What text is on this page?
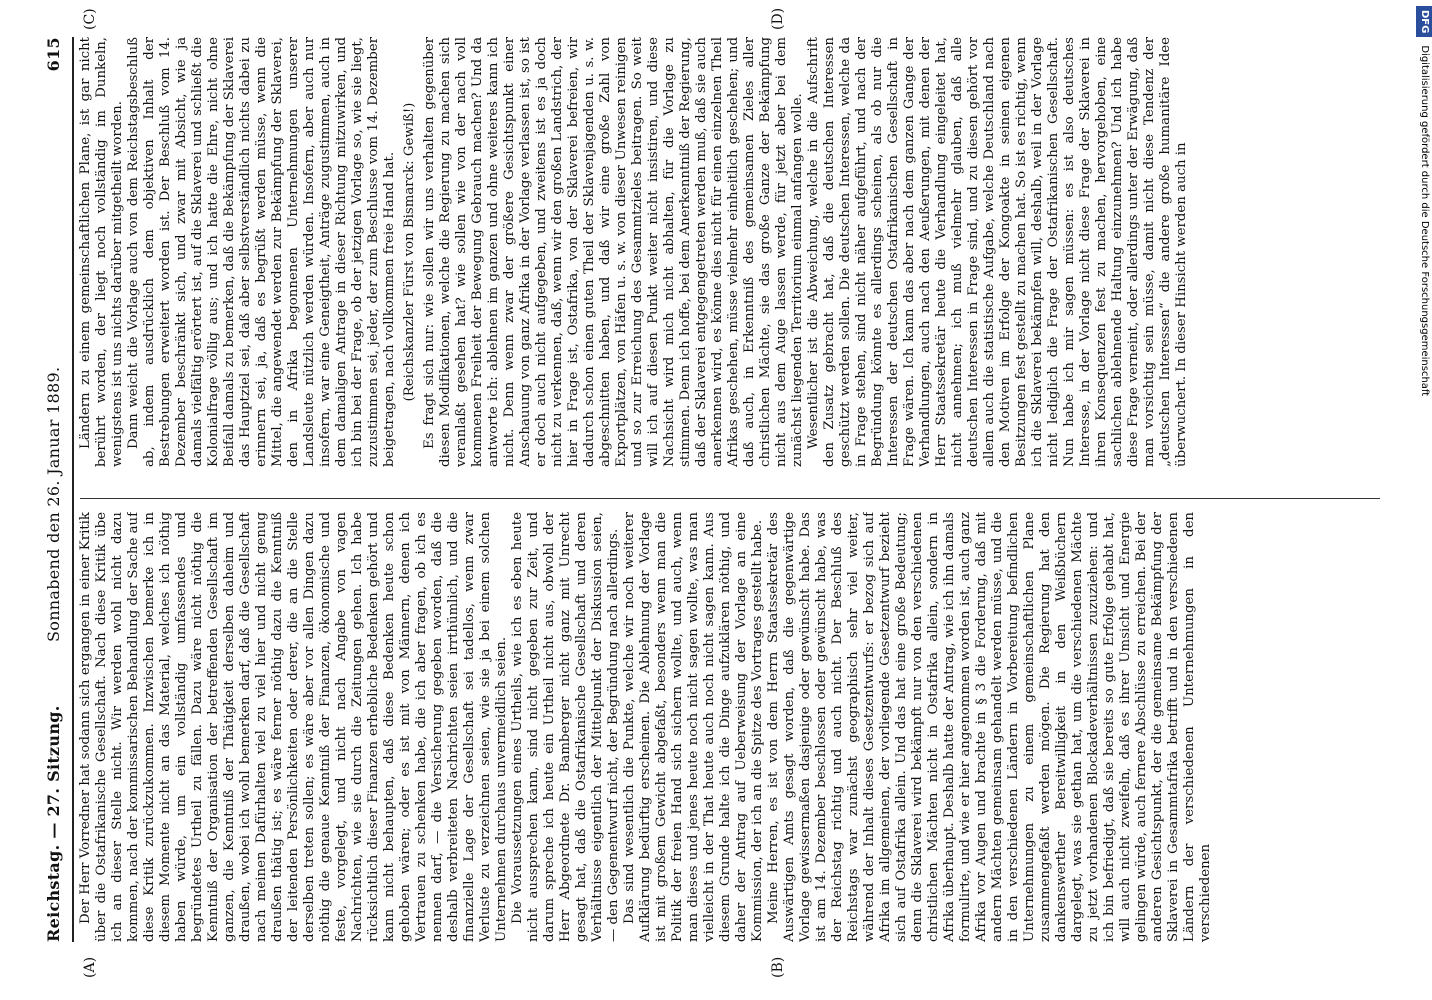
Reichstag. — 27. Sitzung.
Sonnabend den 26. Januar 1889.
615
(A)	(B)
(C)	(D)

Der Herr Vorredner hat sodann sich ergangen in einer Kritik über die Ostafrikanische Gesellschaft. Nach diese Kritik übe ich an dieser Stelle nicht. Wir werden wohl nicht dazu kommen, nach der kommissarischen Behandlung der Sache auf diese Kritik zurückzukommen. Inzwischen bemerke ich in diesem Momente nicht an das Material, welches ich nöthig haben würde, um ein vollständig umfassendes und begründetes Urtheil zu fällen. Dazu wäre nicht nöthig die Kenntniß der Organisation der betreffenden Gesellschaft im ganzen, die Kenntniß der Thätigkeit derselben daheim und draußen, wobei ich wohl bemerken darf, daß die Gesellschaft nach meinen Dafürhalten viel zu viel hier und nicht genug draußen thätig ist; es wäre ferner nöthig dazu die Kenntniß der leitenden Persönlichkeiten oder derer, die an die Stelle derselben treten sollen; es wäre aber vor allen Dingen dazu nöthig die genaue Kenntniß der Finanzen, ökonomische und feste, vorgelegt, und nicht nach Angabe von vagen Nachrichten, wie sie durch die Zeitungen gehen. Ich habe rücksichtlich dieser Finanzen erhebliche Bedenken gehört und kann nicht behaupten, daß diese Bedenken heute schon gehoben wären; oder es ist mit von Männern, denen ich Vertrauen zu schenken habe, die ich aber fragen, ob ich es nennen darf, — die Versicherung gegeben worden, daß die deshalb verbreiteten Nachrichten seien irrthümlich, und die finanzielle Lage der Gesellschaft sei tadellos, wenn zwar Verluste zu verzeichnen seien, wie sie ja bei einem solchen Unternehmen durchaus unvermeidlich seien. Die Voraussetzungen eines Urtheils, wie ich es eben heute nicht aussprechen kann, sind nicht gegeben zur Zeit, und darum spreche ich heute ein Urtheil nicht aus, obwohl der Herr Abgeordnete Dr. Bamberger nicht ganz mit Unrecht gesagt hat, daß die Ostafrikanische Gesellschaft und deren Verhältnisse eigentlich der Mittelpunkt der Diskussion seien, — den Gegenentwurf nicht, der Begründung nach allerdings. Das sind wesentlich die Punkte, welche wir noch weiterer Aufklärung bedürftig erscheinen. Die Ablehnung der Vorlage ist mit großem Gewicht abgefaßt, besonders wenn man die Politik der freien Hand sich sichern wollte, und auch, wenn man dieses und jenes heute noch nicht sagen wollte, was man vielleicht in der That heute auch noch nicht sagen kann. Aus diesem Grunde halte ich die Dinge aufzuklären nöthig, und daher der Antrag auf Ueberweisung der Vorlage an eine Kommission, der ich an die Spitze des Vortrages gestellt habe. Meine Herren, es ist von dem Herrn Staatssekretär des Auswärtigen Amts gesagt worden, daß die gegenwärtige Vorlage gewissermaßen dasjenige oder gewünscht habe. Das ist am 14. Dezember beschlossen oder gewünscht habe, was der Reichstag richtig und auch nicht. Der Beschluß des Reichstags war zunächst geographisch sehr viel weiter, während der Inhalt dieses Gesetzentwurfs: er bezog sich auf Afrika im allgemeinen, der vorliegende Gesetzentwurf bezieht sich auf Ostafrika allein. Und das hat eine große Bedeutung; denn die Sklaverei wird bekämpft nur von den verschiedenen christlichen Mächten nicht in Ostafrika allein, sondern in Afrika überhaupt. Deshalb hatte der Antrag, wie ich ihn damals formulirte, und wie er hier angenommen worden ist, auch ganz Afrika vor Augen und brachte in § 3 die Forderung, daß mit andern Mächten gemeinsam gehandelt werden müsse, und die in den verschiedenen Ländern in Vorbereitung befindlichen Unternehmungen zu einem gemeinschaftlichen Plane zusammengefaßt werden mögen. Die Regierung hat den dankenswerther Bereitwilligkeit in den Weißbüchern dargelegt, was sie gethan hat, um die verschiedenen Mächte zu jetzt vorhandenen Blockadeverhältnissen zuzuziehen: und ich bin befriedigt, daß sie bereits so gute Erfolge gehabt hat, will auch nicht zweifeln, daß es ihrer Umsicht und Energie gelingen würde, auch fernere Abschlüsse zu erreichen. Bei der anderen Gesichtspunkt, der die gemeinsame Bekämpfung der Sklaverei in Gesammtafrika betrifft und in den verschiedenen Ländern der verschiedenen Unternehmungen in den verschiedenen

Ländern zu einem gemeinschaftlichen Plane, ist gar nicht berührt worden, der liegt noch vollständig im Dunkeln, wenigstens ist uns nichts darüber mitgetheilt worden. Dann weicht die Vorlage auch von dem Reichstagsbeschluß ab, indem ausdrücklich dem objektiven Inhalt der Bestrebungen erweitert worden ist. Der Beschluß vom 14. Dezember beschränkt sich, und zwar mit Absicht, wie ja damals vielfältig erörtert ist, auf die Sklaverei und schließt die Kolonialfrage völlig aus; und ich hatte die Ehre, nicht ohne Beifall damals zu bemerken, daß die Bekämpfung der Sklaverei das Hauptziel sei, daß aber selbstverständlich nichts dabei zu erinnern sei, ja, daß es begrüßt werden müsse, wenn die Mittel, die angewendet werden zur Bekämpfung der Sklaverei, den in Afrika begonnenen Unternehmungen unserer Landsleute nützlich werden würden. Insofern, aber auch nur insofern, war eine Geneigtheit, Anträge zugustimmen, auch in dem damaligen Antrage in dieser Richtung mitzuwirken, und ich bin bei der Frage, ob der jetzigen Vorlage so, wie sie liegt, zuzustimmen sei, jeder, der zum Beschlusse vom 14. Dezember beigetragen, nach vollkommen freie Hand hat. (Reichskanzler Fürst von Bismarck: Gewiß!) Es fragt sich nur: wie sollen wir uns verhalten gegenüber diesen Modifikationen, welche die Regierung zu machen sich veranlaßt gesehen hat? wie sollen wie von der nach voll kommenen Freiheit der Bewegung Gebrauch machen? Und da antworte ich: ablehnen im ganzen und ohne weiteres kann ich nicht. Denn wenn zwar der größere Gesichtspunkt einer Anschauung von ganz Afrika in der Vorlage verlassen ist, so ist er doch auch nicht aufgegeben, und zweitens ist es ja doch nicht zu verkennen, daß, wenn wir den großen Landstrich, der hier in Frage ist, Ostafrika, von der Sklaverei befreien, wir dadurch schon einen guten Theil der Sklavenjagenden u. s. w. abgeschnitten haben, und daß wir eine große Zahl von Exportplätzen, von Häfen u. s. w. von dieser Unwesen reinigen und so zur Erreichung des Gesammtzieles beitragen. So weit will ich auf diesen Punkt weiter nicht insistiren, und diese Nachsicht wird mich nicht abhalten, für die Vorlage zu stimmen. Denn ich hoffe, bei dem Anerkenntniß der Regierung, daß der Sklaverei entgegengetreten werden muß, daß sie auch anerkennen wird, es könne dies nicht für einen einzelnen Theil Afrikas geschehen, müsse vielmehr einheitlich geschehen; und daß auch, in Erkenntniß des gemeinsamen Zieles aller christlichen Mächte, sie das große Ganze der Bekämpfung nicht aus dem Auge lassen werde, für jetzt aber bei dem zunächst liegenden Territorium einmal anfangen wolle. Wesentlicher ist die Abweichung, welche in die Aufschrift den Zusatz gebracht hat, daß die deutschen Interessen geschützt werden sollen. Die deutschen Interessen, welche da in Frage stehen, sind nicht näher aufgeführt, und nach der Begründung könnte es allerdings scheinen, als ob nur die Interessen der deutschen Ostafrikanischen Gesellschaft in Frage wären. Ich kann das aber nach dem ganzen Gange der Verhandlungen, auch nach den Aeußerungen, mit denen der Herr Staatssekretär heute die Verhandlung eingeleitet hat, nicht annehmen; ich muß vielmehr glauben, daß alle deutschen Interessen in Frage sind, und zu diesen gehört vor allem auch die statistische Aufgabe, welche Deutschland nach den Motiven im Erfolge der Kongoakte in seinen eigenen Besitzungen fest gestellt zu machen hat. So ist es richtig, wenn ich die Sklaverei bekämpfen will, deshalb, weil in der Vorlage nicht lediglich die Frage der Ostafrikanischen Gesellschaft. Nun habe ich mir sagen müssen: es ist also deutsches Interesse, in der Vorlage nicht diese Frage der Sklaverei in ihren Konsequenzen fest zu machen, hervorgehoben, eine sachlichen ablehnende Haltung einzunehmen? Und ich habe diese Frage verneint, oder allerdings unter der Erwägung, daß man vorsichtig sein müsse, damit nicht diese Tendenz der „deutschen Interessen“ die andere große humanitäre Idee überwuchert. In dieser Hinsicht werden auch in

DFGDigitalisierung gefördert durch die Deutsche Forschungsgemeinschaft
